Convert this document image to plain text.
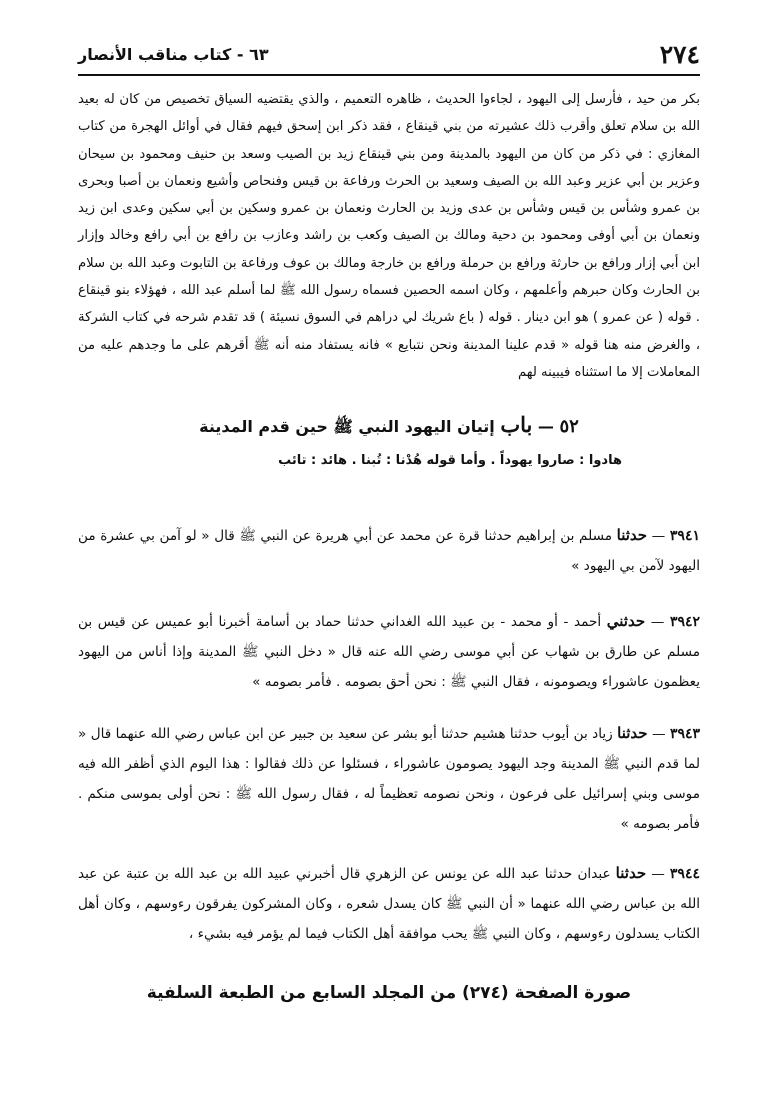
٢٧٤
٦٣ - كتاب مناقب الأنصار

بكر من حيد ، فأرسل إلى اليهود ، لجاءوا الحديث ، ظاهره التعميم ، والذي يقتضيه السياق تخصيص من كان له بعيد الله بن سلام تعلق وأقرب ذلك عشيرته من بني قينقاع ، فقد ذكر ابن إسحق فيهم فقال في أوائل الهجرة من كتاب المغازي : في ذكر من كان من اليهود بالمدينة ومن بني قينقاع زيد بن الصيب وسعد بن حنيف ومحمود بن سيحان وعزير بن أبي عزير وعبد الله بن الصيف وسعيد بن الحرث ورفاعة بن قيس وفنحاص وأشيع ونعمان بن أصبا وبحرى بن عمرو وشأس بن قيس وشأس بن عدى وزيد بن الحارث ونعمان بن عمرو وسكين بن أبي سكين وعدى ابن زيد ونعمان بن أبي أوفى ومحمود بن دحية ومالك بن الصيف وكعب بن راشد وعازب بن رافع بن أبي رافع وخالد وإزار ابن أبي إزار ورافع بن حارثة ورافع بن حرملة ورافع بن خارجة ومالك بن عوف ورفاعة بن التابوت وعبد الله بن سلام بن الحارث وكان حبرهم وأعلمهم ، وكان اسمه الحصين فسماه رسول الله ﷺ لما أسلم عبد الله ، فهؤلاء بنو قينقاع . قوله ( عن عمرو ) هو ابن دينار . قوله ( باع شريك لي دراهم في السوق نسيئة ) قد تقدم شرحه في كتاب الشركة ، والغرض منه هنا قوله « قدم علينا المدينة ونحن نتبايع » فانه يستفاد منه أنه ﷺ أقرهم على ما وجدهم عليه من المعاملات إلا ما استثناه فيبينه لهم

٥٢ — باب إتيان اليهود النبي ﷺ حين قدم المدينة
هادوا : صاروا يهوداً . وأما قوله هُدْنا : تُبنا . هائد : تائب
٣٩٤١ — حدثنا مسلم بن إبراهيم حدثنا قرة عن محمد عن أبي هريرة عن النبي ﷺ قال « لو آمن بي عشرة من اليهود لآمن بي اليهود »
٣٩٤٢ — حدثني أحمد - أو محمد - بن عبيد الله الغداني حدثنا حماد بن أسامة أخبرنا أبو عميس عن قيس بن مسلم عن طارق بن شهاب عن أبي موسى رضي الله عنه قال « دخل النبي ﷺ المدينة وإذا أناس من اليهود يعظمون عاشوراء ويصومونه ، فقال النبي ﷺ : نحن أحق بصومه . فأمر بصومه »
٣٩٤٣ — حدثنا زياد بن أيوب حدثنا هشيم حدثنا أبو بشر عن سعيد بن جبير عن ابن عباس رضي الله عنهما قال « لما قدم النبي ﷺ المدينة وجد اليهود يصومون عاشوراء ، فسئلوا عن ذلك فقالوا : هذا اليوم الذي أظفر الله فيه موسى وبني إسرائيل على فرعون ، ونحن نصومه تعظيماً له ، فقال رسول الله ﷺ : نحن أولى بموسى منكم . فأمر بصومه »
٣٩٤٤ — حدثنا عبدان حدثنا عبد الله عن يونس عن الزهري قال أخبرني عبيد الله بن عبد الله بن عتبة عن عبد الله بن عباس رضي الله عنهما « أن النبي ﷺ كان يسدل شعره ، وكان المشركون يفرقون رءوسهم ، وكان أهل الكتاب يسدلون رءوسهم ، وكان النبي ﷺ يحب موافقة أهل الكتاب فيما لم يؤمر فيه بشيء ،
صورة الصفحة (٢٧٤) من المجلد السابع من الطبعة السلفية
